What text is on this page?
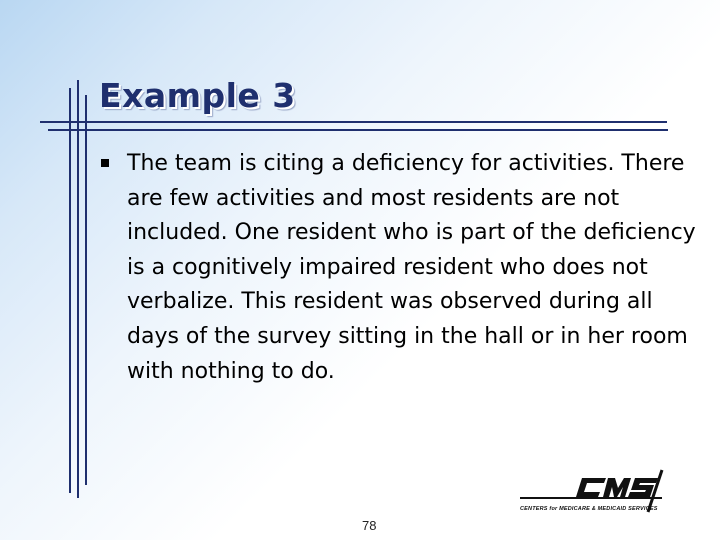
Example 3

The team is citing a deficiency for activities. There are few activities and most residents are not included. One resident who is part of the deficiency is a cognitively impaired resident who does not verbalize. This resident was observed during all days of the survey sitting in the hall or in her room with nothing to do.

CENTERS for MEDICARE & MEDICAID SERVICES
78
